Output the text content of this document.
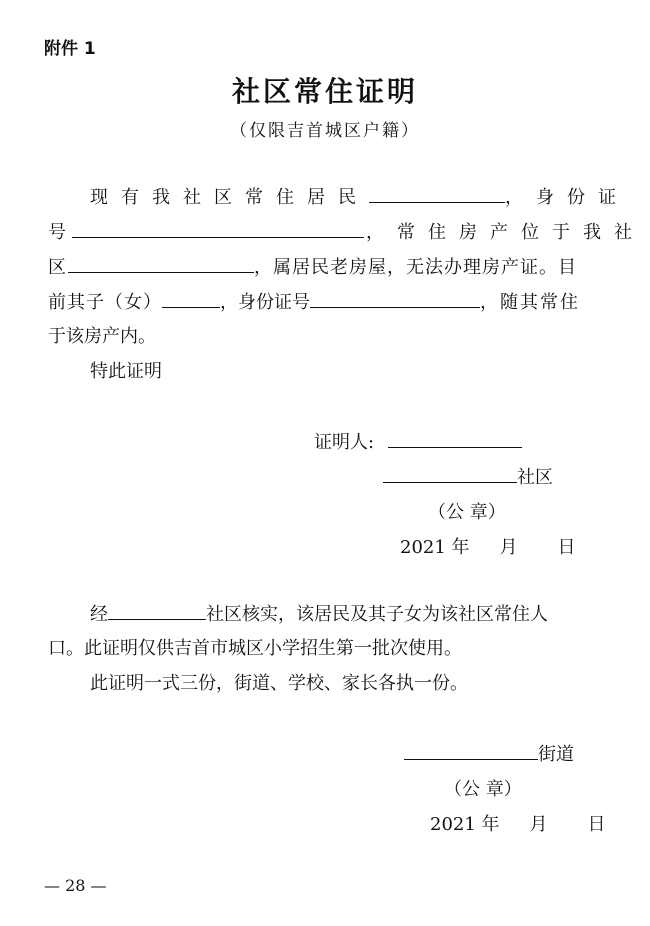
附件 1
社区常住证明
（仅限吉首城区户籍）
现有我社区常住居民	，身份证
号	，常住房产位于我社
区	，属居民老房屋，无法办理房产证。目
前其子（女）	，身份证号	，随其常住
于该房产内。
特此证明
证明人:
社区
（公 章）
2021 年 月 日
经	社区核实，该居民及其子女为该社区常住人
口。此证明仅供吉首市城区小学招生第一批次使用。
此证明一式三份，街道、学校、家长各执一份。
街道
（公 章）
2021 年 月 日
— 28 —
